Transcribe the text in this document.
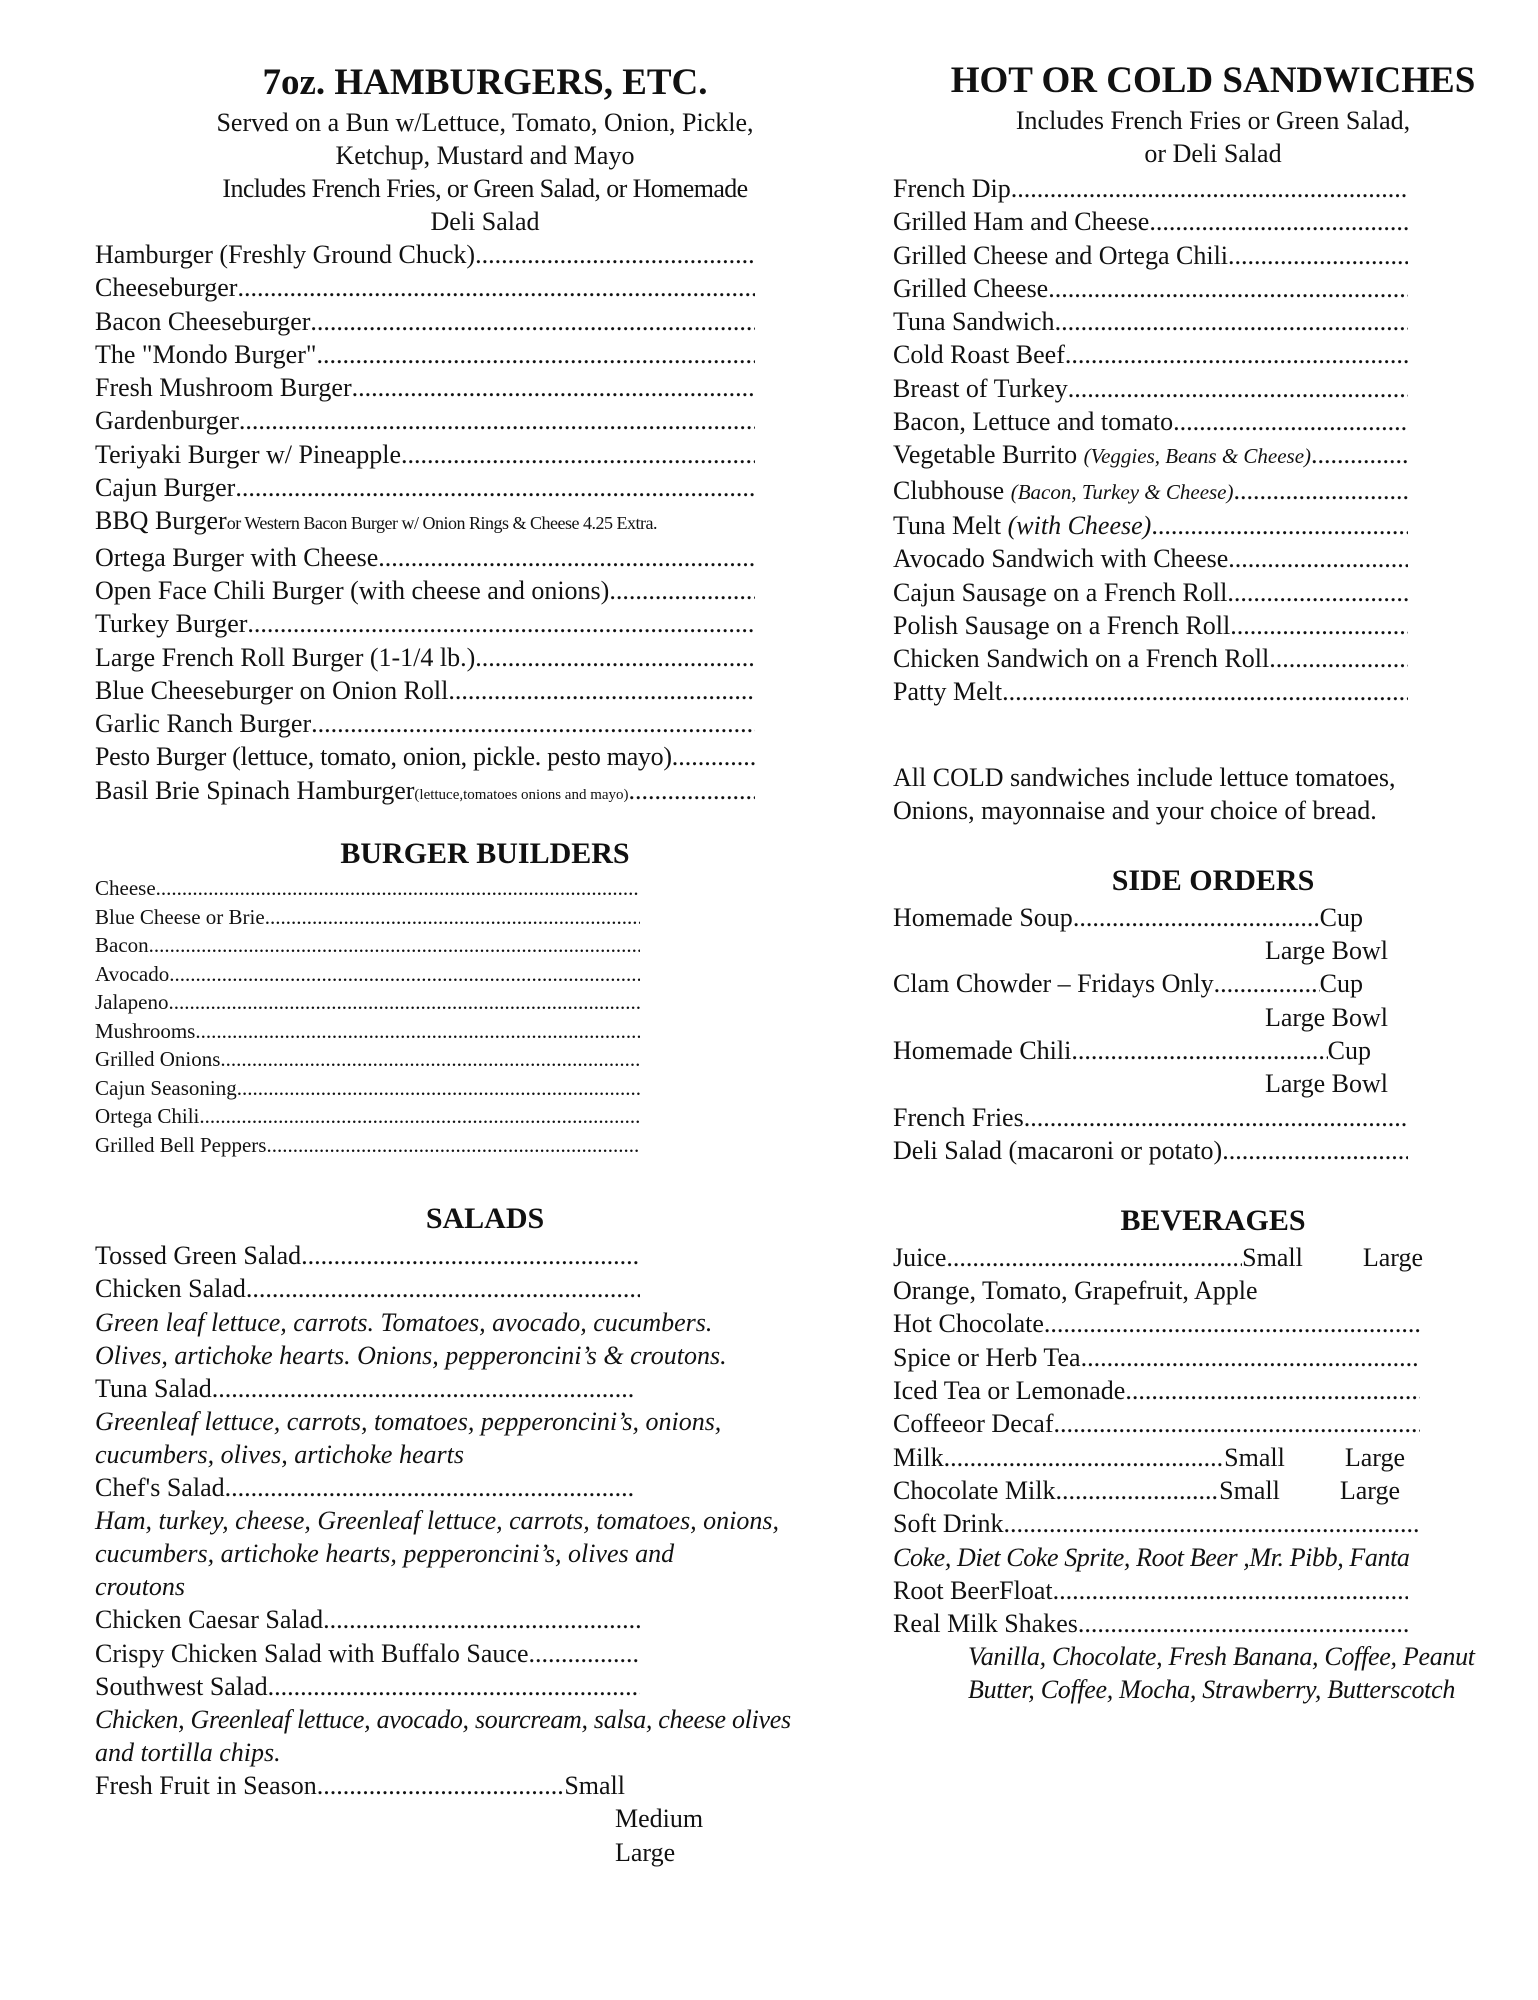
7oz. HAMBURGERS, ETC.

Served on a Bun w/Lettuce, Tomato, Onion, Pickle,

Ketchup, Mustard and Mayo

Includes French Fries, or Green Salad, or Homemade

Deli Salad

Hamburger (Freshly Ground Chuck)
.....
Cheeseburger
.....
Bacon Cheeseburger
.....
The "Mondo Burger"
.....
Fresh Mushroom Burger
.....
Gardenburger
.....
Teriyaki Burger w/ Pineapple
.....
Cajun Burger
.....
BBQ Burger or Western Bacon Burger w/ Onion Rings & Cheese 4.25 Extra.
Ortega Burger with Cheese
.....
Open Face Chili Burger (with cheese and onions)
.....
Turkey Burger
.....
Large French Roll Burger (1-1/4 lb.)
.....
Blue Cheeseburger on Onion Roll
.....
Garlic Ranch Burger
.....
Pesto Burger (lettuce, tomato, onion, pickle. pesto mayo)
.....
Basil Brie Spinach Hamburger (lettuce,tomatoes onions and mayo)
.....
BURGER BUILDERS
Cheese
.....
Blue Cheese or Brie
.....
Bacon
.....
Avocado
.....
Jalapeno
.....
Mushrooms
.....
Grilled Onions
.....
Cajun Seasoning
.....
Ortega Chili
.....
Grilled Bell Peppers
.....
SALADS
Tossed Green Salad
.....
Chicken Salad
.....

Green leaf lettuce, carrots. Tomatoes, avocado, cucumbers.

Olives, artichoke hearts. Onions, pepperoncini’s & croutons.

Tuna Salad
.....

Greenleaf lettuce, carrots, tomatoes, pepperoncini’s, onions,

cucumbers, olives, artichoke hearts

Chef's Salad
.....

Ham, turkey, cheese, Greenleaf lettuce, carrots, tomatoes, onions,

cucumbers, artichoke hearts, pepperoncini’s, olives and

croutons

Chicken Caesar Salad
.....
Crispy Chicken Salad with Buffalo Sauce
.....
Southwest Salad
.....

Chicken, Greenleaf lettuce, avocado, sourcream, salsa, cheese olives

and tortilla chips.

Fresh Fruit in Season .....	Small
Medium
Large
HOT OR COLD SANDWICHES

Includes French Fries or Green Salad,

or Deli Salad

French Dip
.....
Grilled Ham and Cheese
.....
Grilled Cheese and Ortega Chili
.....
Grilled Cheese
.....
Tuna Sandwich
.....
Cold Roast Beef
.....
Breast of Turkey
.....
Bacon, Lettuce and tomato
.....
Vegetable Burrito
(Veggies, Beans & Cheese)
.....
Clubhouse
(Bacon, Turkey & Cheese)
.....
Tuna Melt
(with Cheese)
.....
Avocado Sandwich with Cheese
.....
Cajun Sausage on a French Roll
.....
Polish Sausage on a French Roll
.....
Chicken Sandwich on a French Roll
.....
Patty Melt
.....

All COLD sandwiches include lettuce tomatoes,

Onions, mayonnaise and your choice of bread.

SIDE ORDERS
Homemade Soup .....	Cup
Large Bowl
Clam Chowder – Fridays Only .....	Cup
Large Bowl
Homemade Chili .....	Cup
Large Bowl
French Fries
.....
Deli Salad (macaroni or potato)
.....
BEVERAGES
Juice .....	Small	Large
Orange, Tomato, Grapefruit, Apple
Hot Chocolate
.....
Spice or Herb Tea
.....
Iced Tea or Lemonade
.....
Coffeeor Decaf
.....
Milk .....	Small	Large
Chocolate Milk .....	Small	Large
Soft Drink
.....

Coke, Diet Coke Sprite, Root Beer ,Mr. Pibb, Fanta

Root BeerFloat
.....
Real Milk Shakes
.....

Vanilla, Chocolate, Fresh Banana, Coffee, Peanut

Butter, Coffee, Mocha, Strawberry, Butterscotch
